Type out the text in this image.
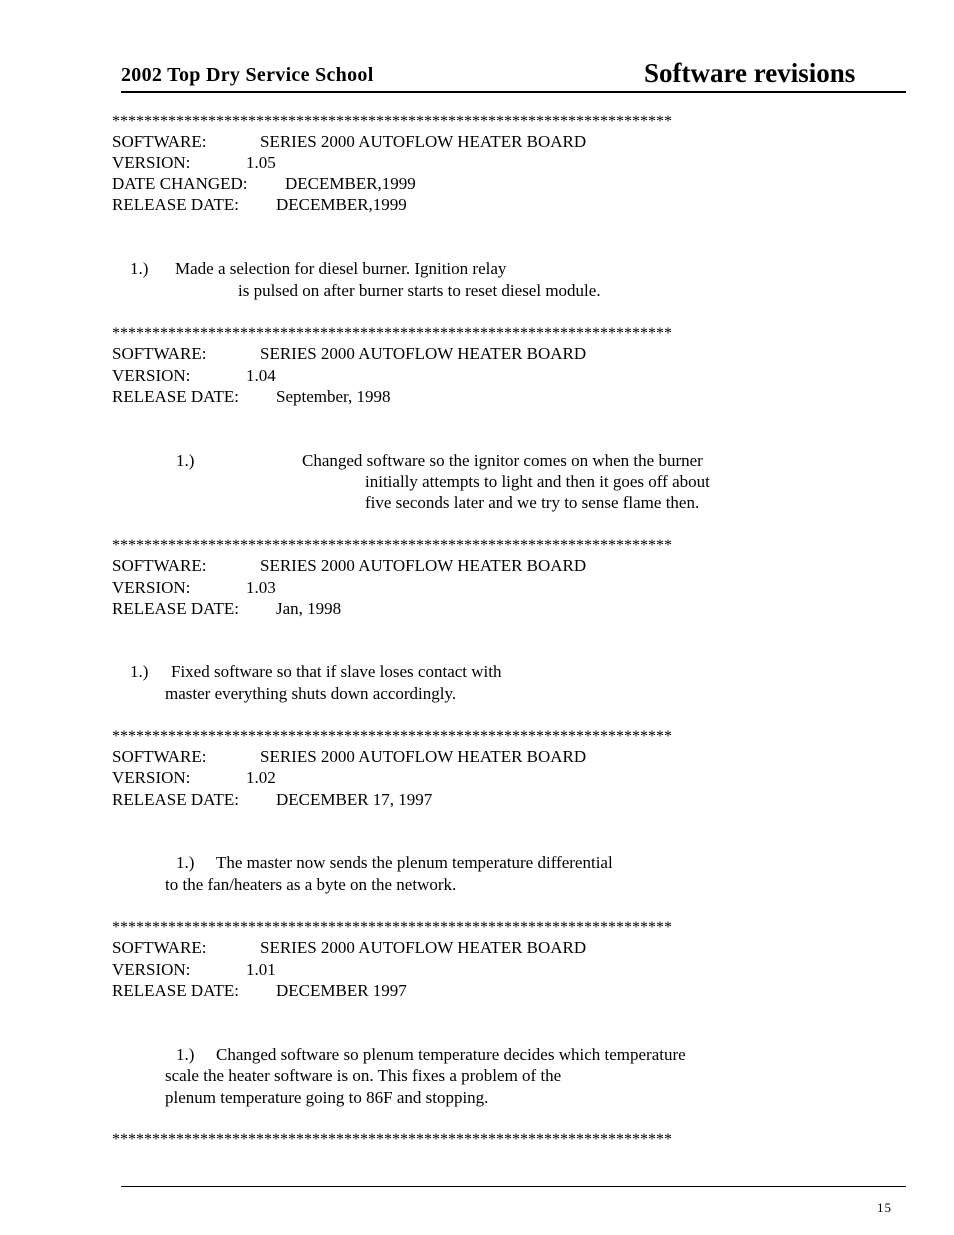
2002 Top Dry Service School	Software revisions
**********************************************************************
**********************************************************************
**********************************************************************
**********************************************************************
**********************************************************************
**********************************************************************
SOFTWARE:	SERIES 2000 AUTOFLOW HEATER BOARD
VERSION:	1.05
DATE CHANGED: DECEMBER,1999
RELEASE DATE: DECEMBER,1999
1.) Made a selection for diesel burner. Ignition relay
is pulsed on after burner starts to reset diesel module.
SOFTWARE:	SERIES 2000 AUTOFLOW HEATER BOARD
VERSION:	1.04
RELEASE DATE: September, 1998
1.)	Changed software so the ignitor comes on when the burner
initially attempts to light and then it goes off about
five seconds later and we try to sense flame then.
SOFTWARE:	SERIES 2000 AUTOFLOW HEATER BOARD
VERSION:	1.03
RELEASE DATE: Jan, 1998
1.) Fixed software so that if slave loses contact with
master everything shuts down accordingly.
SOFTWARE:	SERIES 2000 AUTOFLOW HEATER BOARD
VERSION:	1.02
RELEASE DATE: DECEMBER 17, 1997
1.) The master now sends the plenum temperature differential
to the fan/heaters as a byte on the network.
SOFTWARE:	SERIES 2000 AUTOFLOW HEATER BOARD
VERSION:	1.01
RELEASE DATE: DECEMBER 1997
1.) Changed software so plenum temperature decides which temperature
scale the heater software is on. This fixes a problem of the
plenum temperature going to 86F and stopping.
15
